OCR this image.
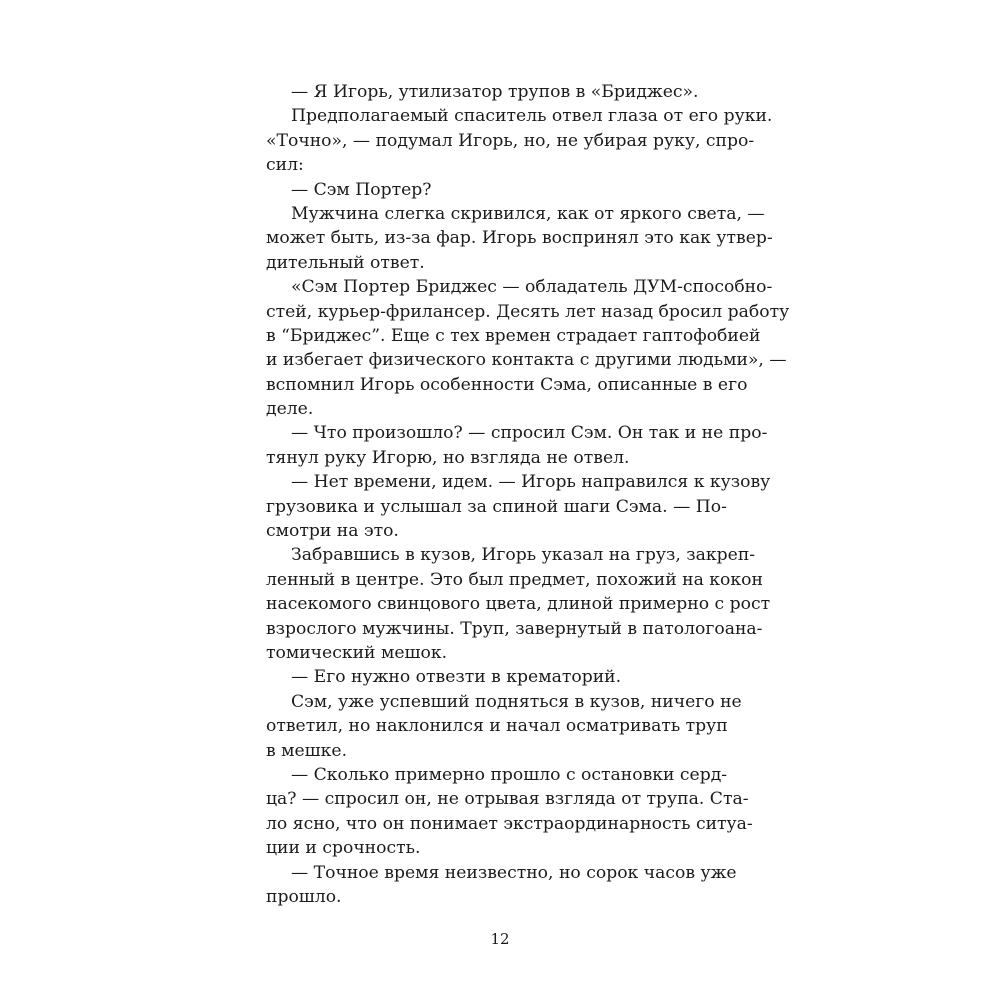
— Я Игорь, утилизатор трупов в «Бриджес».
Предполагаемый спаситель отвел глаза от его руки.
«Точно», — подумал Игорь, но, не убирая руку, спро-
сил:
— Сэм Портер?
Мужчина слегка скривился, как от яркого света, —
может быть, из-за фар. Игорь воспринял это как утвер-
дительный ответ.
«Сэм Портер Бриджес — обладатель ДУМ-способно-
стей, курьер-фрилансер. Десять лет назад бросил работу
в “Бриджес”. Еще с тех времен страдает гаптофобией
и избегает физического контакта с другими людьми», —
вспомнил Игорь особенности Сэма, описанные в его
деле.
— Что произошло? — спросил Сэм. Он так и не про-
тянул руку Игорю, но взгляда не отвел.
— Нет времени, идем. — Игорь направился к кузову
грузовика и услышал за спиной шаги Сэма. — По-
смотри на это.
Забравшись в кузов, Игорь указал на груз, закреп-
ленный в центре. Это был предмет, похожий на кокон
насекомого свинцового цвета, длиной примерно с рост
взрослого мужчины. Труп, завернутый в патологоана-
томический мешок.
— Его нужно отвезти в крематорий.
Сэм, уже успевший подняться в кузов, ничего не
ответил, но наклонился и начал осматривать труп
в мешке.
— Сколько примерно прошло с остановки серд-
ца? — спросил он, не отрывая взгляда от трупа. Ста-
ло ясно, что он понимает экстраординарность ситуа-
ции и срочность.
— Точное время неизвестно, но сорок часов уже
прошло.
12
